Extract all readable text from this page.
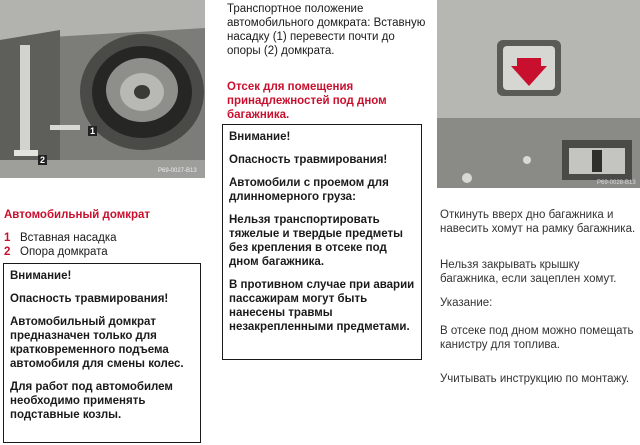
1
2
P69-0027-B13
Автомобильный домкрат
1 Вставная насадка
2 Опора домкрата
Внимание!
Опасность травмирования!
Автомобильный домкрат предназначен только для кратковременного подъема автомобиля для смены колес.
Для работ под автомобилем необходимо применять подставные козлы.
Транспортное положение автомобильного домкрата: Вставную насадку (1) перевести почти до опоры (2) домкрата.
Отсек для помещения принадлежностей под дном багажника.
Внимание!
Опасность травмирования!
Автомобили с проемом для длинномерного груза:
Нельзя транспортировать тяжелые и твердые предметы без крепления в отсеке под дном багажника.
В противном случае при аварии пассажирам могут быть нанесены травмы незакрепленными предметами.
P69-0028-B13
Откинуть вверх дно багажника и навесить хомут на рамку багажника.
Нельзя закрывать крышку багажника, если зацеплен хомут.
Указание:
В отсеке под дном можно помещать канистру для топлива.
Учитывать инструкцию по монтажу.
